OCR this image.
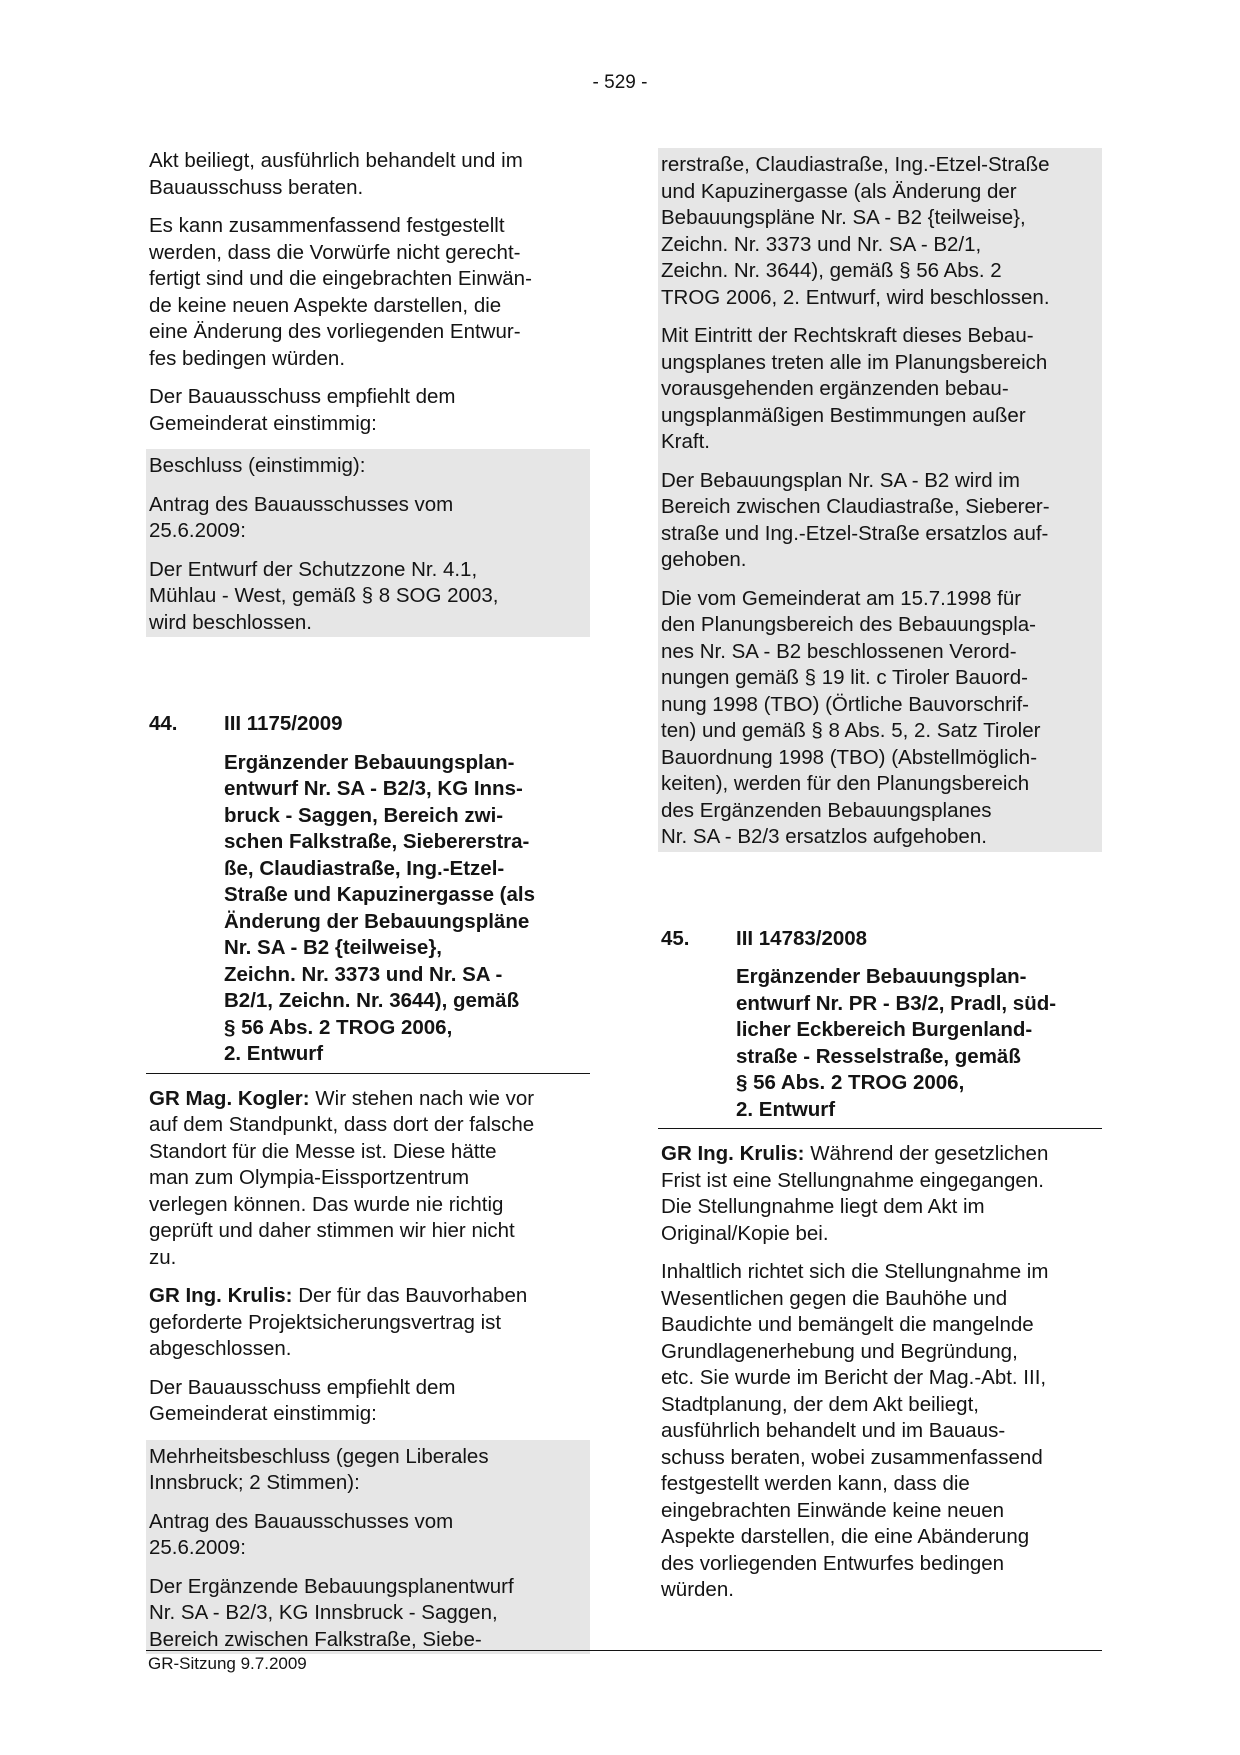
- 529 -

Akt beiliegt, ausführlich behandelt und im
Bauausschuss beraten.

Es kann zusammenfassend festgestellt
werden, dass die Vorwürfe nicht gerecht-
fertigt sind und die eingebrachten Einwän-
de keine neuen Aspekte darstellen, die
eine Änderung des vorliegenden Entwur-
fes bedingen würden.

Der Bauausschuss empfiehlt dem
Gemeinderat einstimmig:

Beschluss (einstimmig):

Antrag des Bauausschusses vom
25.6.2009:

Der Entwurf der Schutzzone Nr. 4.1,
Mühlau - West, gemäß § 8 SOG 2003,
wird beschlossen.

44.	III 1175/2009
Ergänzender Bebauungsplan-
entwurf Nr. SA - B2/3, KG Inns-
bruck - Saggen, Bereich zwi-
schen Falkstraße, Siebererstra-
ße, Claudiastraße, Ing.-Etzel-
Straße und Kapuzinergasse (als
Änderung der Bebauungspläne
Nr. SA - B2 {teilweise},
Zeichn. Nr. 3373 und Nr. SA -
B2/1, Zeichn. Nr. 3644), gemäß
§ 56 Abs. 2 TROG 2006,
2. Entwurf

GR Mag. Kogler: Wir stehen nach wie vor
auf dem Standpunkt, dass dort der falsche
Standort für die Messe ist. Diese hätte
man zum Olympia-Eissportzentrum
verlegen können. Das wurde nie richtig
geprüft und daher stimmen wir hier nicht
zu.

GR Ing. Krulis: Der für das Bauvorhaben
geforderte Projektsicherungsvertrag ist
abgeschlossen.

Der Bauausschuss empfiehlt dem
Gemeinderat einstimmig:

Mehrheitsbeschluss (gegen Liberales
Innsbruck; 2 Stimmen):

Antrag des Bauausschusses vom
25.6.2009:

Der Ergänzende Bebauungsplanentwurf
Nr. SA - B2/3, KG Innsbruck - Saggen,
Bereich zwischen Falkstraße, Siebe-

rerstraße, Claudiastraße, Ing.-Etzel-Straße
und Kapuzinergasse (als Änderung der
Bebauungspläne Nr. SA - B2 {teilweise},
Zeichn. Nr. 3373 und Nr. SA - B2/1,
Zeichn. Nr. 3644), gemäß § 56 Abs. 2
TROG 2006, 2. Entwurf, wird beschlossen.

Mit Eintritt der Rechtskraft dieses Bebau-
ungsplanes treten alle im Planungsbereich
vorausgehenden ergänzenden bebau-
ungsplanmäßigen Bestimmungen außer
Kraft.

Der Bebauungsplan Nr. SA - B2 wird im
Bereich zwischen Claudiastraße, Sieberer-
straße und Ing.-Etzel-Straße ersatzlos auf-
gehoben.

Die vom Gemeinderat am 15.7.1998 für
den Planungsbereich des Bebauungspla-
nes Nr. SA - B2 beschlossenen Verord-
nungen gemäß § 19 lit. c Tiroler Bauord-
nung 1998 (TBO) (Örtliche Bauvorschrif-
ten) und gemäß § 8 Abs. 5, 2. Satz Tiroler
Bauordnung 1998 (TBO) (Abstellmöglich-
keiten), werden für den Planungsbereich
des Ergänzenden Bebauungsplanes
Nr. SA - B2/3 ersatzlos aufgehoben.

45.	III 14783/2008
Ergänzender Bebauungsplan-
entwurf Nr. PR - B3/2, Pradl, süd-
licher Eckbereich Burgenland-
straße - Resselstraße, gemäß
§ 56 Abs. 2 TROG 2006,
2. Entwurf

GR Ing. Krulis: Während der gesetzlichen
Frist ist eine Stellungnahme eingegangen.
Die Stellungnahme liegt dem Akt im
Original/Kopie bei.

Inhaltlich richtet sich die Stellungnahme im
Wesentlichen gegen die Bauhöhe und
Baudichte und bemängelt die mangelnde
Grundlagenerhebung und Begründung,
etc. Sie wurde im Bericht der Mag.-Abt. III,
Stadtplanung, der dem Akt beiliegt,
ausführlich behandelt und im Bauaus-
schuss beraten, wobei zusammenfassend
festgestellt werden kann, dass die
eingebrachten Einwände keine neuen
Aspekte darstellen, die eine Abänderung
des vorliegenden Entwurfes bedingen
würden.

GR-Sitzung 9.7.2009
